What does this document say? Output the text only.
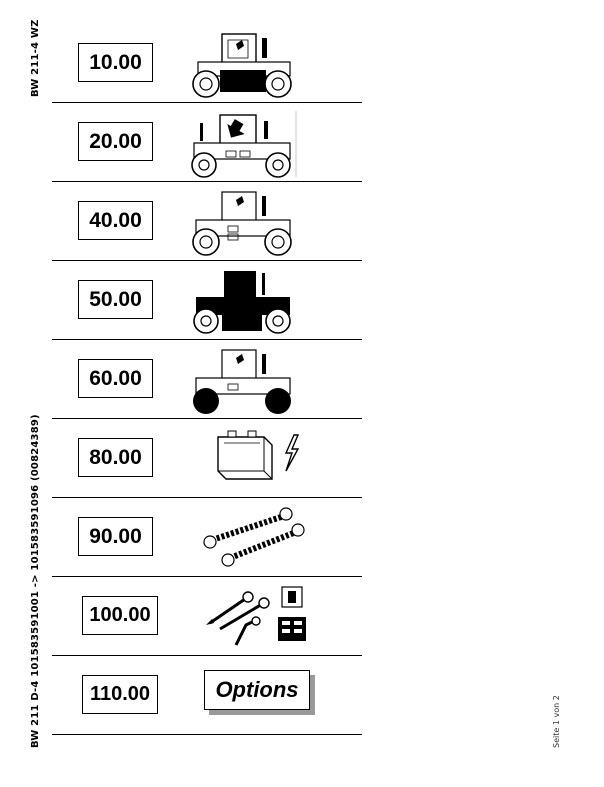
BW 211-4 WZ
BW 211 D-4 101583591001 -> 101583591096 (00824389)	Seite 1 von 2
10.00
20.00
40.00
50.00
60.00
80.00
90.00
100.00
110.00	Options
